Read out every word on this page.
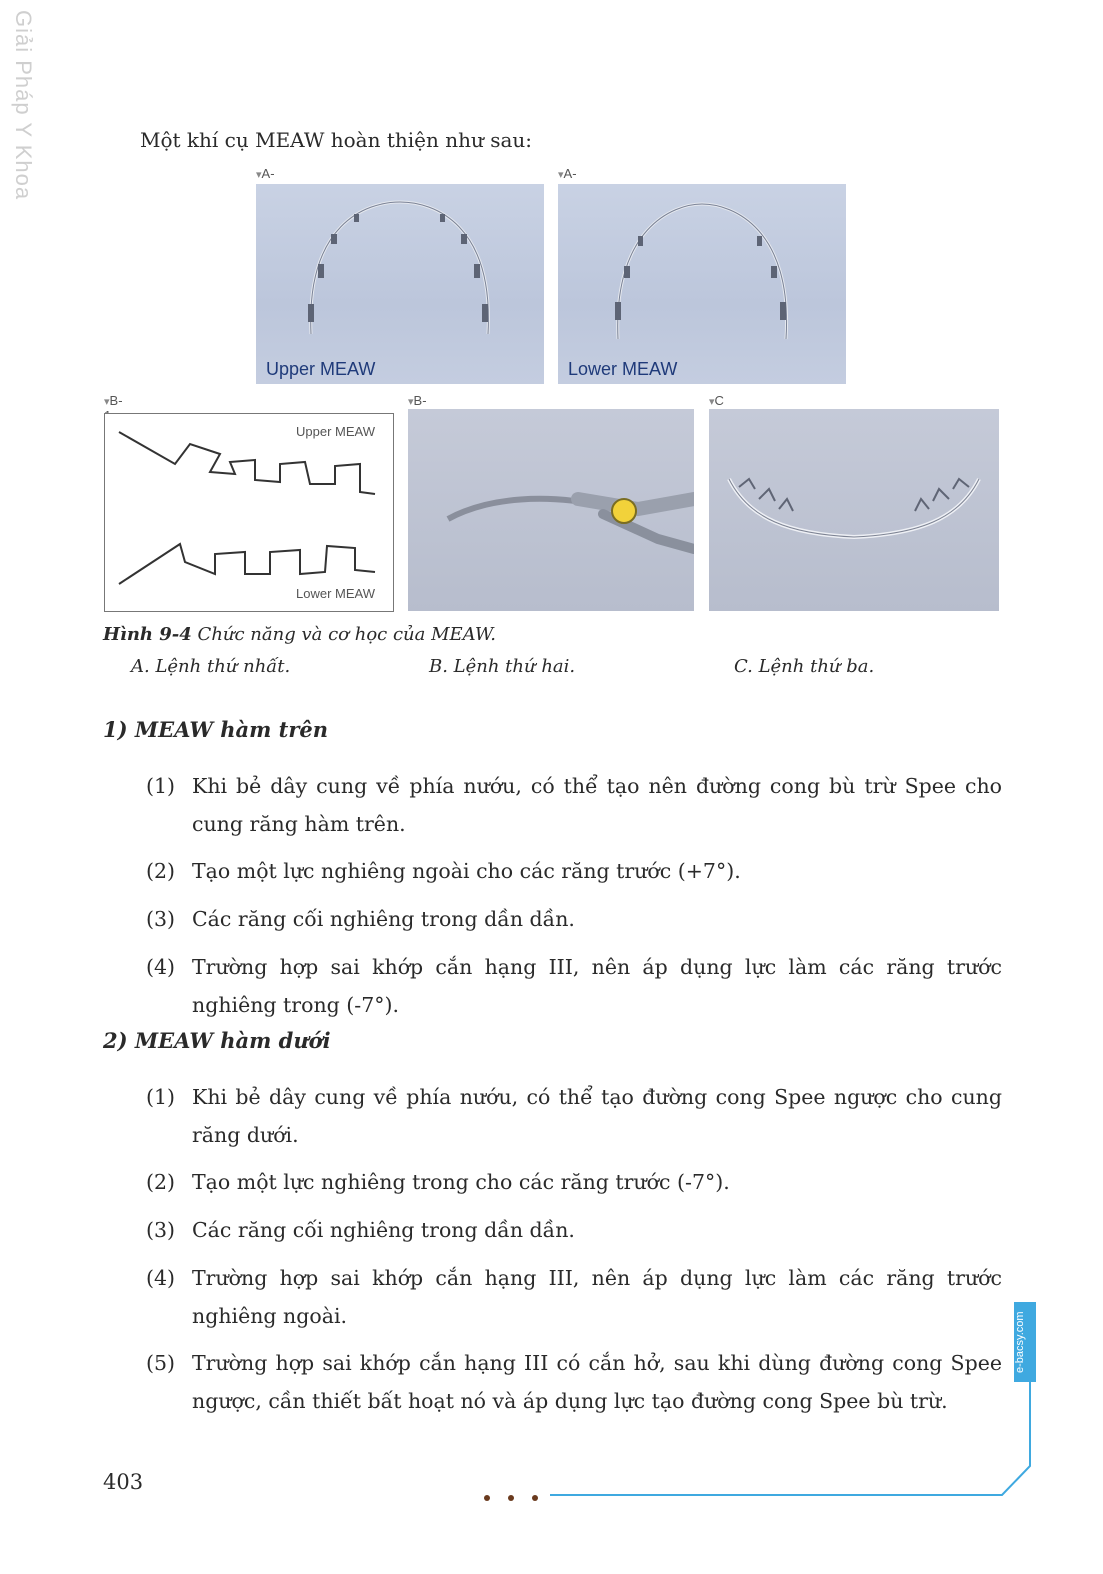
Giải Pháp Y Khoa	Một khí cụ MEAW hoàn thiện như sau:
▾ A-
Upper MEAW
▾ A-
Lower MEAW
▾ B-
Upper MEAW
Lower MEAW
▾ B-
▾	C
Hình 9-4 Chức năng và cơ học của MEAW.
A. Lệnh thứ nhất.	B. Lệnh thứ hai.	C. Lệnh thứ ba.
1) MEAW hàm trên
(1) Khi bẻ dây cung về phía nướu, có thể tạo nên đường cong bù trừ Spee cho cung răng hàm trên.
(2) Tạo một lực nghiêng ngoài cho các răng trước (+7°).
(3) Các răng cối nghiêng trong dần dần.
(4) Trường hợp sai khớp cắn hạng III, nên áp dụng lực làm các răng trước nghiêng trong (-7°).
2) MEAW hàm dưới
(1) Khi bẻ dây cung về phía nướu, có thể tạo đường cong Spee ngược cho cung răng dưới.
(2) Tạo một lực nghiêng trong cho các răng trước (-7°).
(3) Các răng cối nghiêng trong dần dần.
(4) Trường hợp sai khớp cắn hạng III, nên áp dụng lực làm các răng trước nghiêng ngoài.
(5) Trường hợp sai khớp cắn hạng III có cắn hở, sau khi dùng đường cong Spee ngược, cần thiết bất hoạt nó và áp dụng lực tạo đường cong Spee bù trừ.
e-bacsy.com
403
